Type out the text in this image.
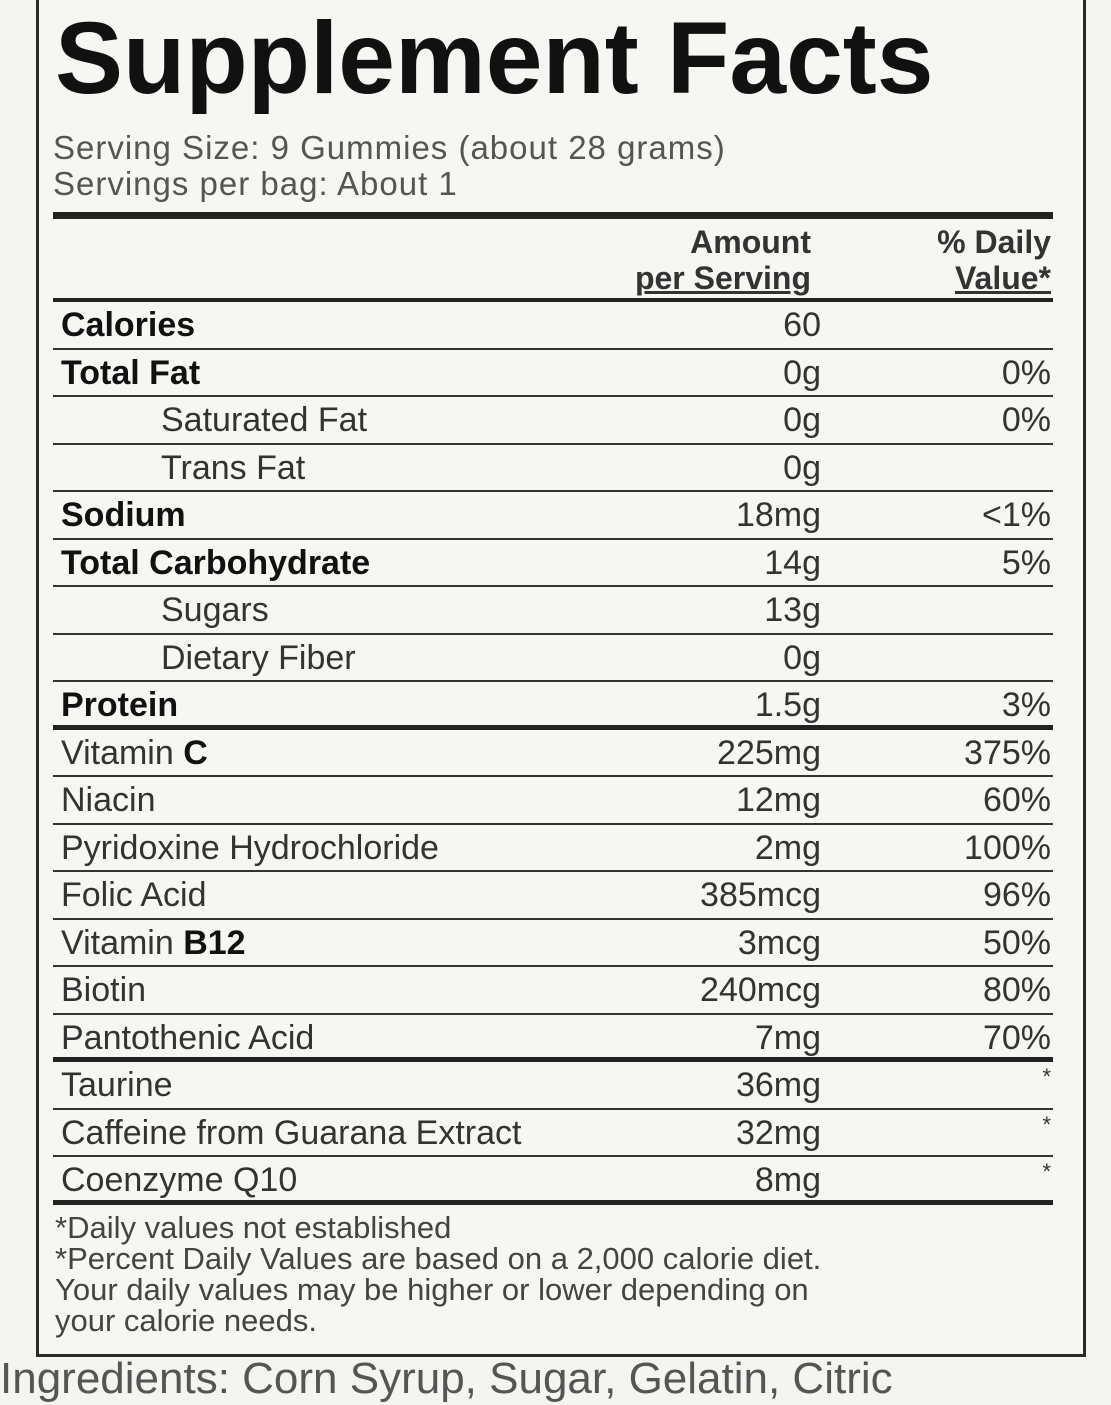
Supplement Facts
Serving Size: 9 Gummies (about 28 grams)
Servings per bag: About 1
Amount
per Serving
% Daily
Value*
Calories	60
Total Fat	0g	0%
Saturated Fat	0g	0%
Trans Fat	0g
Sodium	18mg	<1%
Total Carbohydrate	14g	5%
Sugars	13g
Dietary Fiber	0g
Protein	1.5g	3%
Vitamin C	225mg	375%
Niacin	12mg	60%
Pyridoxine Hydrochloride	2mg	100%
Folic Acid	385mcg	96%
Vitamin B12	3mcg	50%
Biotin	240mcg	80%
Pantothenic Acid	7mg	70%
Taurine	36mg	*
Caffeine from Guarana Extract	32mg	*
Coenzyme Q10	8mg	*
*Daily values not established
*Percent Daily Values are based on a 2,000 calorie diet.
Your daily values may be higher or lower depending on
your calorie needs.
Ingredients: Corn Syrup, Sugar, Gelatin, Citric
